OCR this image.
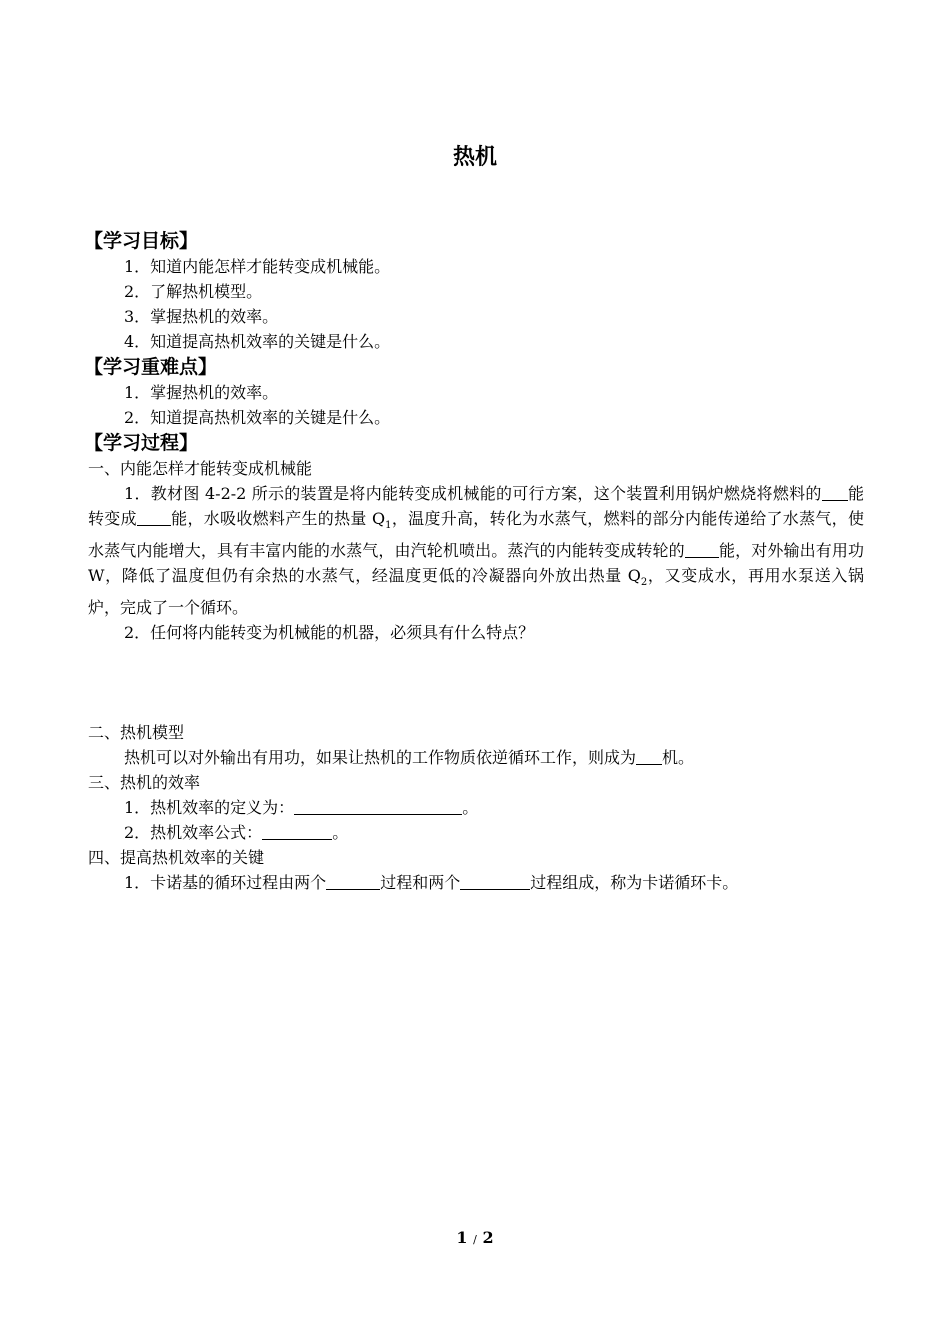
热机
【学习目标】
1．知道内能怎样才能转变成机械能。
2．了解热机模型。
3．掌握热机的效率。
4．知道提高热机效率的关键是什么。
【学习重难点】
1．掌握热机的效率。
2．知道提高热机效率的关键是什么。
【学习过程】
一、内能怎样才能转变成机械能
1．教材图 4-2-2 所示的装置是将内能转变成机械能的可行方案，这个装置利用锅炉燃烧将燃料的 能转变成 能，水吸收燃料产生的热量 $Q_1$，温度升高，转化为水蒸气，燃料的部分内能传递给了水蒸气，使水蒸气内能增大，具有丰富内能的水蒸气，由汽轮机喷出。蒸汽的内能转变成转轮的 能，对外输出有用功 W，降低了温度但仍有余热的水蒸气，经温度更低的冷凝器向外放出热量 $Q_2$，又变成水，再用水泵送入锅炉，完成了一个循环。
2．任何将内能转变为机械能的机器，必须具有什么特点？
二、热机模型
热机可以对外输出有用功，如果让热机的工作物质依逆循环工作，则成为 机。
三、热机的效率
1．热机效率的定义为：	。
2．热机效率公式：	。
四、提高热机效率的关键
1．卡诺基的循环过程由两个	过程和两个	过程组成，称为卡诺循环卡。
1 / 2
